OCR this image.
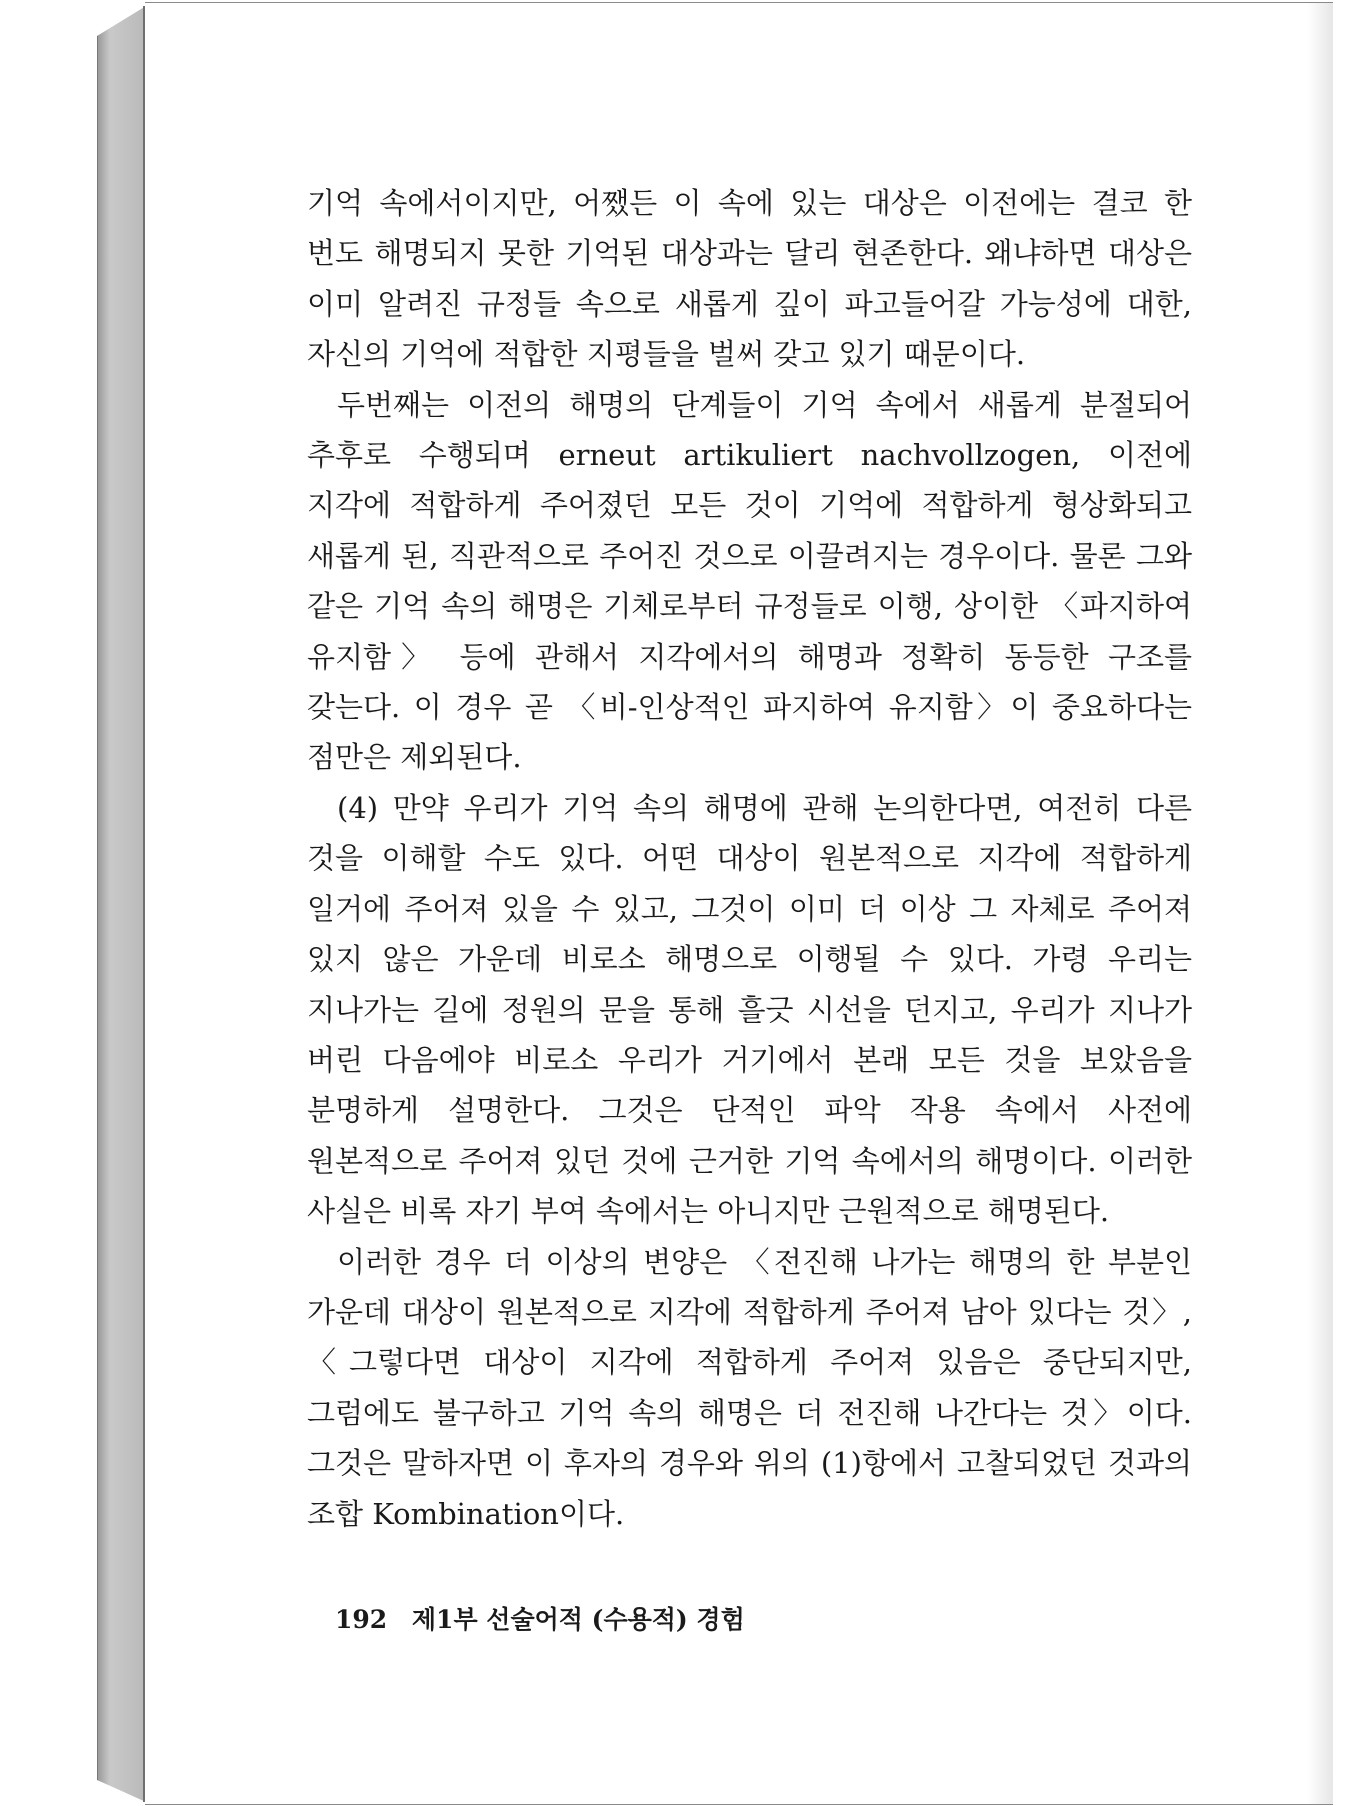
기억 속에서이지만, 어쨌든 이 속에 있는 대상은 이전에는 결코 한 번도 해명되지 못한 기억된 대상과는 달리 현존한다. 왜냐하면 대상은 이미 알려진 규정들 속으로 새롭게 깊이 파고들어갈 가능성에 대한, 자신의 기억에 적합한 지평들을 벌써 갖고 있기 때문이다.

두번째는 이전의 해명의 단계들이 기억 속에서 새롭게 분절되어 추후로 수행되며 erneut artikuliert nachvollzogen, 이전에 지각에 적합하게 주어졌던 모든 것이 기억에 적합하게 형상화되고 새롭게 된, 직관적으로 주어진 것으로 이끌려지는 경우이다. 물론 그와 같은 기억 속의 해명은 기체로부터 규정들로 이행, 상이한 〈파지하여 유지함〉 등에 관해서 지각에서의 해명과 정확히 동등한 구조를 갖는다. 이 경우 곧 〈비-인상적인 파지하여 유지함〉이 중요하다는 점만은 제외된다.

(4) 만약 우리가 기억 속의 해명에 관해 논의한다면, 여전히 다른 것을 이해할 수도 있다. 어떤 대상이 원본적으로 지각에 적합하게 일거에 주어져 있을 수 있고, 그것이 이미 더 이상 그 자체로 주어져 있지 않은 가운데 비로소 해명으로 이행될 수 있다. 가령 우리는 지나가는 길에 정원의 문을 통해 흘긋 시선을 던지고, 우리가 지나가 버린 다음에야 비로소 우리가 거기에서 본래 모든 것을 보았음을 분명하게 설명한다. 그것은 단적인 파악 작용 속에서 사전에 원본적으로 주어져 있던 것에 근거한 기억 속에서의 해명이다. 이러한 사실은 비록 자기 부여 속에서는 아니지만 근원적으로 해명된다.

이러한 경우 더 이상의 변양은 〈전진해 나가는 해명의 한 부분인 가운데 대상이 원본적으로 지각에 적합하게 주어져 남아 있다는 것〉, 〈그렇다면 대상이 지각에 적합하게 주어져 있음은 중단되지만, 그럼에도 불구하고 기억 속의 해명은 더 전진해 나간다는 것〉이다. 그것은 말하자면 이 후자의 경우와 위의 (1)항에서 고찰되었던 것과의 조합 Kombination이다.

192 제1부 선술어적 (수용적) 경험
